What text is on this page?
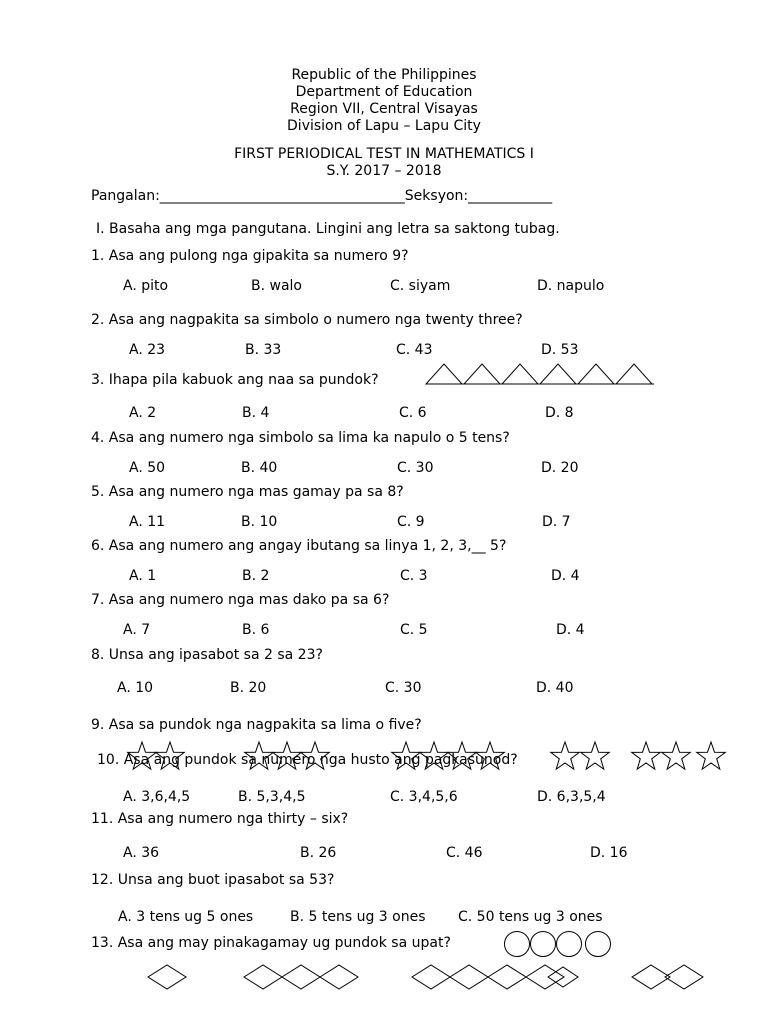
Republic of the Philippines
Department of Education
Region VII, Central Visayas
Division of Lapu – Lapu City
FIRST PERIODICAL TEST IN MATHEMATICS I
S.Y. 2017 – 2018
Pangalan:___________________________________Seksyon:____________
I. Basaha ang mga pangutana. Lingini ang letra sa saktong tubag.
1. Asa ang pulong nga gipakita sa numero 9?
A. pito	B. walo	C. siyam	D. napulo
2. Asa ang nagpakita sa simbolo o numero nga twenty three?
A. 23	B. 33	C. 43	D. 53
3. Ihapa pila kabuok ang naa sa pundok?
A. 2	B. 4	C. 6	D. 8
4. Asa ang numero nga simbolo sa lima ka napulo o 5 tens?
A. 50	B. 40	C. 30	D. 20
5. Asa ang numero nga mas gamay pa sa 8?
A. 11	B. 10	C. 9	D. 7
6. Asa ang numero ang angay ibutang sa linya 1, 2, 3,__ 5?
A. 1	B. 2	C. 3	D. 4
7. Asa ang numero nga mas dako pa sa 6?
A. 7	B. 6	C. 5	D. 4
8. Unsa ang ipasabot sa 2 sa 23?
A. 10	B. 20	C. 30	D. 40
9. Asa sa pundok nga nagpakita sa lima o five?
10. Asa ang pundok sa numero nga husto ang pagkasunod?
A. 3,6,4,5	B. 5,3,4,5	C. 3,4,5,6	D. 6,3,5,4
11. Asa ang numero nga thirty – six?
A. 36	B. 26	C. 46	D. 16
12. Unsa ang buot ipasabot sa 53?
A. 3 tens ug 5 ones	B. 5 tens ug 3 ones C. 50 tens ug 3 ones
13. Asa ang may pinakagamay ug pundok sa upat?
